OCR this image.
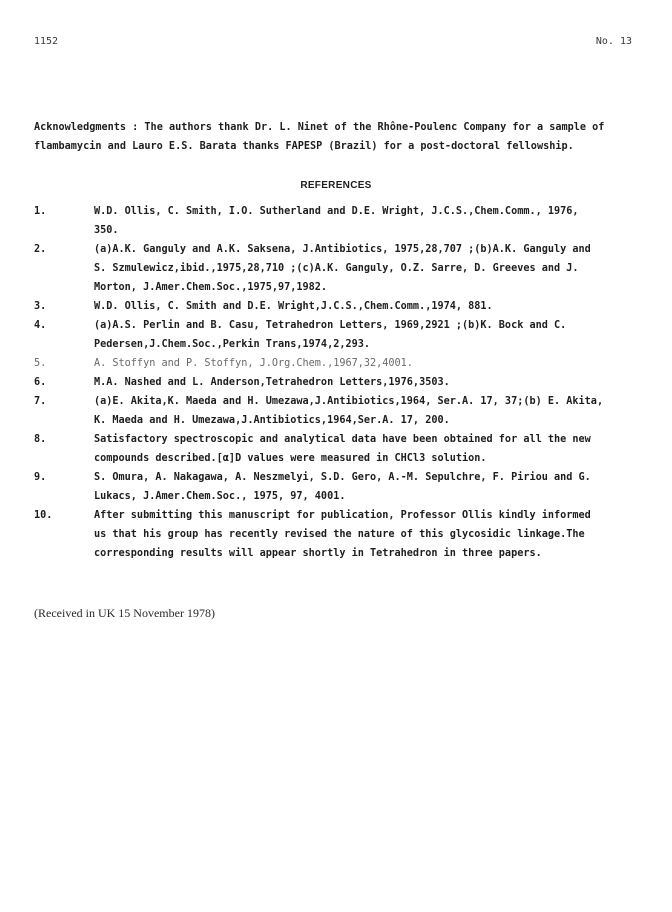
1152	No. 13
Acknowledgments : The authors thank Dr. L. Ninet of the Rhône-Poulenc Company for a sample of flambamycin and Lauro E.S. Barata thanks FAPESP (Brazil) for a post-doctoral fellowship.
REFERENCES
1.	W.D. Ollis, C. Smith, I.O. Sutherland and D.E. Wright, J.C.S.,Chem.Comm., 1976, 350.
2.	(a)A.K. Ganguly and A.K. Saksena, J.Antibiotics, 1975,28,707 ;(b)A.K. Ganguly and S. Szmulewicz,ibid.,1975,28,710 ;(c)A.K. Ganguly, O.Z. Sarre, D. Greeves and J. Morton, J.Amer.Chem.Soc.,1975,97,1982.
3.	W.D. Ollis, C. Smith and D.E. Wright,J.C.S.,Chem.Comm.,1974, 881.
4.	(a)A.S. Perlin and B. Casu, Tetrahedron Letters, 1969,2921 ;(b)K. Bock and C. Pedersen,J.Chem.Soc.,Perkin Trans,1974,2,293.
5.	A. Stoffyn and P. Stoffyn, J.Org.Chem.,1967,32,4001.
6.	M.A. Nashed and L. Anderson,Tetrahedron Letters,1976,3503.
7.	(a)E. Akita,K. Maeda and H. Umezawa,J.Antibiotics,1964, Ser.A. 17, 37;(b) E. Akita, K. Maeda and H. Umezawa,J.Antibiotics,1964,Ser.A. 17, 200.
8.	Satisfactory spectroscopic and analytical data have been obtained for all the new compounds described.[α]D values were measured in CHCl3 solution.
9.	S. Omura, A. Nakagawa, A. Neszmelyi, S.D. Gero, A.-M. Sepulchre, F. Piriou and G. Lukacs, J.Amer.Chem.Soc., 1975, 97, 4001.
10.	After submitting this manuscript for publication, Professor Ollis kindly informed us that his group has recently revised the nature of this glycosidic linkage.The corresponding results will appear shortly in Tetrahedron in three papers.
(Received in UK 15 November 1978)
